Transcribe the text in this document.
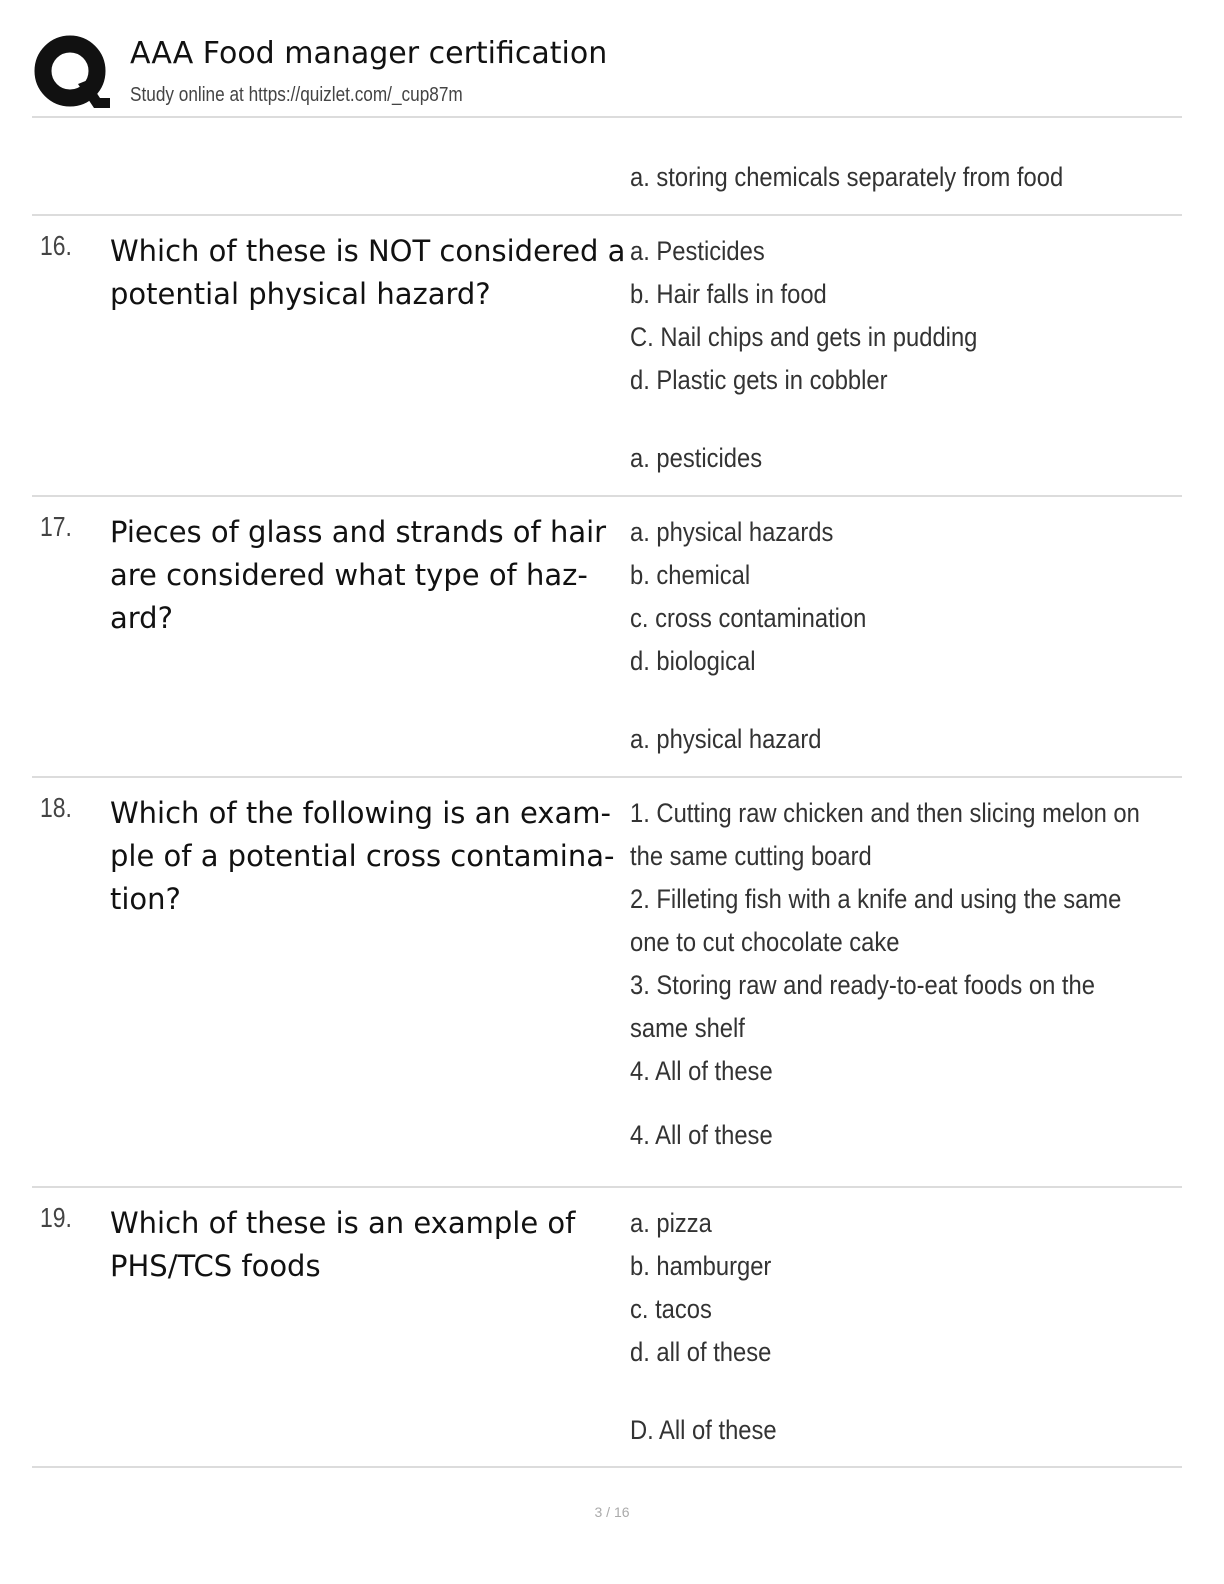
AAA Food manager certification
Study online at https://quizlet.com/_cup87m
a. storing chemicals separately from food
16. Which of these is NOT considered a potential physical hazard?
a. Pesticides
b. Hair falls in food
C. Nail chips and gets in pudding
d. Plastic gets in cobbler
a. pesticides
17. Pieces of glass and strands of hair are considered what type of haz-ard?
a. physical hazards
b. chemical
c. cross contamination
d. biological
a. physical hazard
18. Which of the following is an exam-ple of a potential cross contamina-tion?
1. Cutting raw chicken and then slicing melon on the same cutting board
2. Filleting fish with a knife and using the same one to cut chocolate cake
3. Storing raw and ready-to-eat foods on the same shelf
4. All of these
4. All of these
19. Which of these is an example of PHS/TCS foods
a. pizza
b. hamburger
c. tacos
d. all of these
D. All of these
3 / 16
